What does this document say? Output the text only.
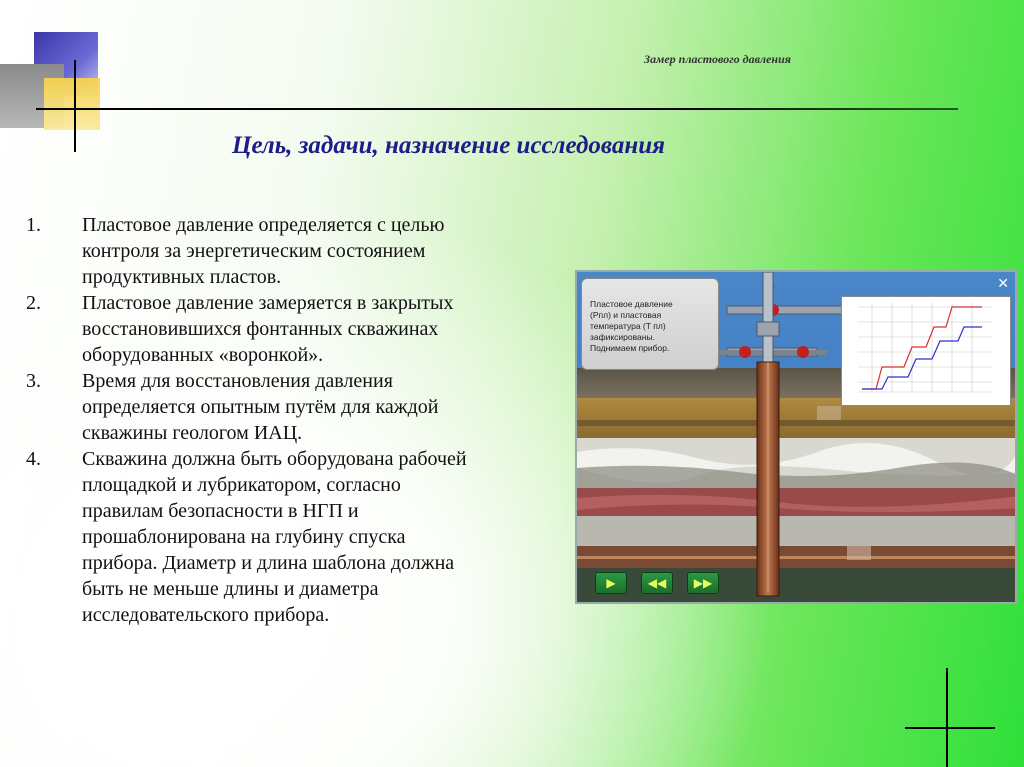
Замер пластового давления
Цель, задачи, назначение исследования
1. Пластовое давление определяется с целью
контроля за энергетическим состоянием
продуктивных пластов.
2. Пластовое давление замеряется в закрытых
восстановившихся фонтанных скважинах
оборудованных «воронкой».
3. Время для восстановления давления
определяется опытным путём для каждой
скважины геологом ИАЦ.
4. Скважина должна быть оборудована рабочей
площадкой и лубрикатором, согласно
правилам безопасности в НГП и
прошаблонирована на глубину спуска
прибора. Диаметр и длина шаблона должна
быть не меньше длины и диаметра
исследовательского прибора.
Пластовое давление
(Рпл) и пластовая
температура (Т пл)
зафиксированы.
Поднимаем прибор.
✕
▶	◀◀	▶▶
